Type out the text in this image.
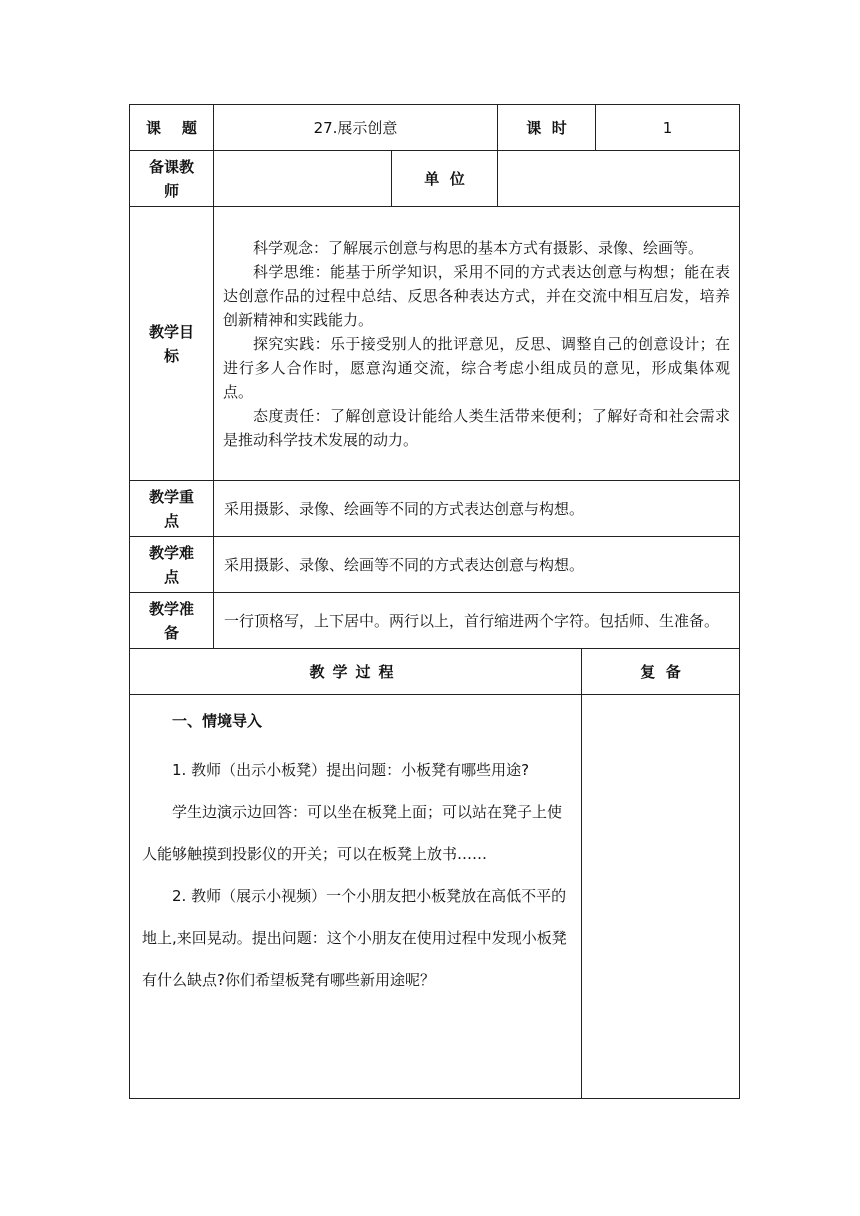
课    题	27.展示创意		课  时		1
备课教师		单  位			
教学目标	科学观念：了解展示创意与构思的基本方式有摄影、录像、绘画等。

科学思维：能基于所学知识，采用不同的方式表达创意与构想；能在表达创意作品的过程中总结、反思各种表达方式，并在交流中相互启发，培养创新精神和实践能力。

探究实践：乐于接受别人的批评意见，反思、调整自己的创意设计；在进行多人合作时，愿意沟通交流，综合考虑小组成员的意见，形成集体观点。

态度责任：了解创意设计能给人类生活带来便利；了解好奇和社会需求是推动科学技术发展的动力。				

教学重点	采用摄影、录像、绘画等不同的方式表达创意与构想。				
教学难点	采用摄影、录像、绘画等不同的方式表达创意与构想。				
教学准备	一行顶格写，上下居中。两行以上，首行缩进两个字符。包括师、生准备。				
教学过程				复  备	

一、情境导入

1. 教师（出示小板凳）提出问题：小板凳有哪些用途?

学生边演示边回答：可以坐在板凳上面；可以站在凳子上使人能够触摸到投影仪的开关；可以在板凳上放书……

2. 教师（展示小视频）一个小朋友把小板凳放在高低不平的地上,来回晃动。提出问题：这个小朋友在使用过程中发现小板凳有什么缺点?你们希望板凳有哪些新用途呢？					
